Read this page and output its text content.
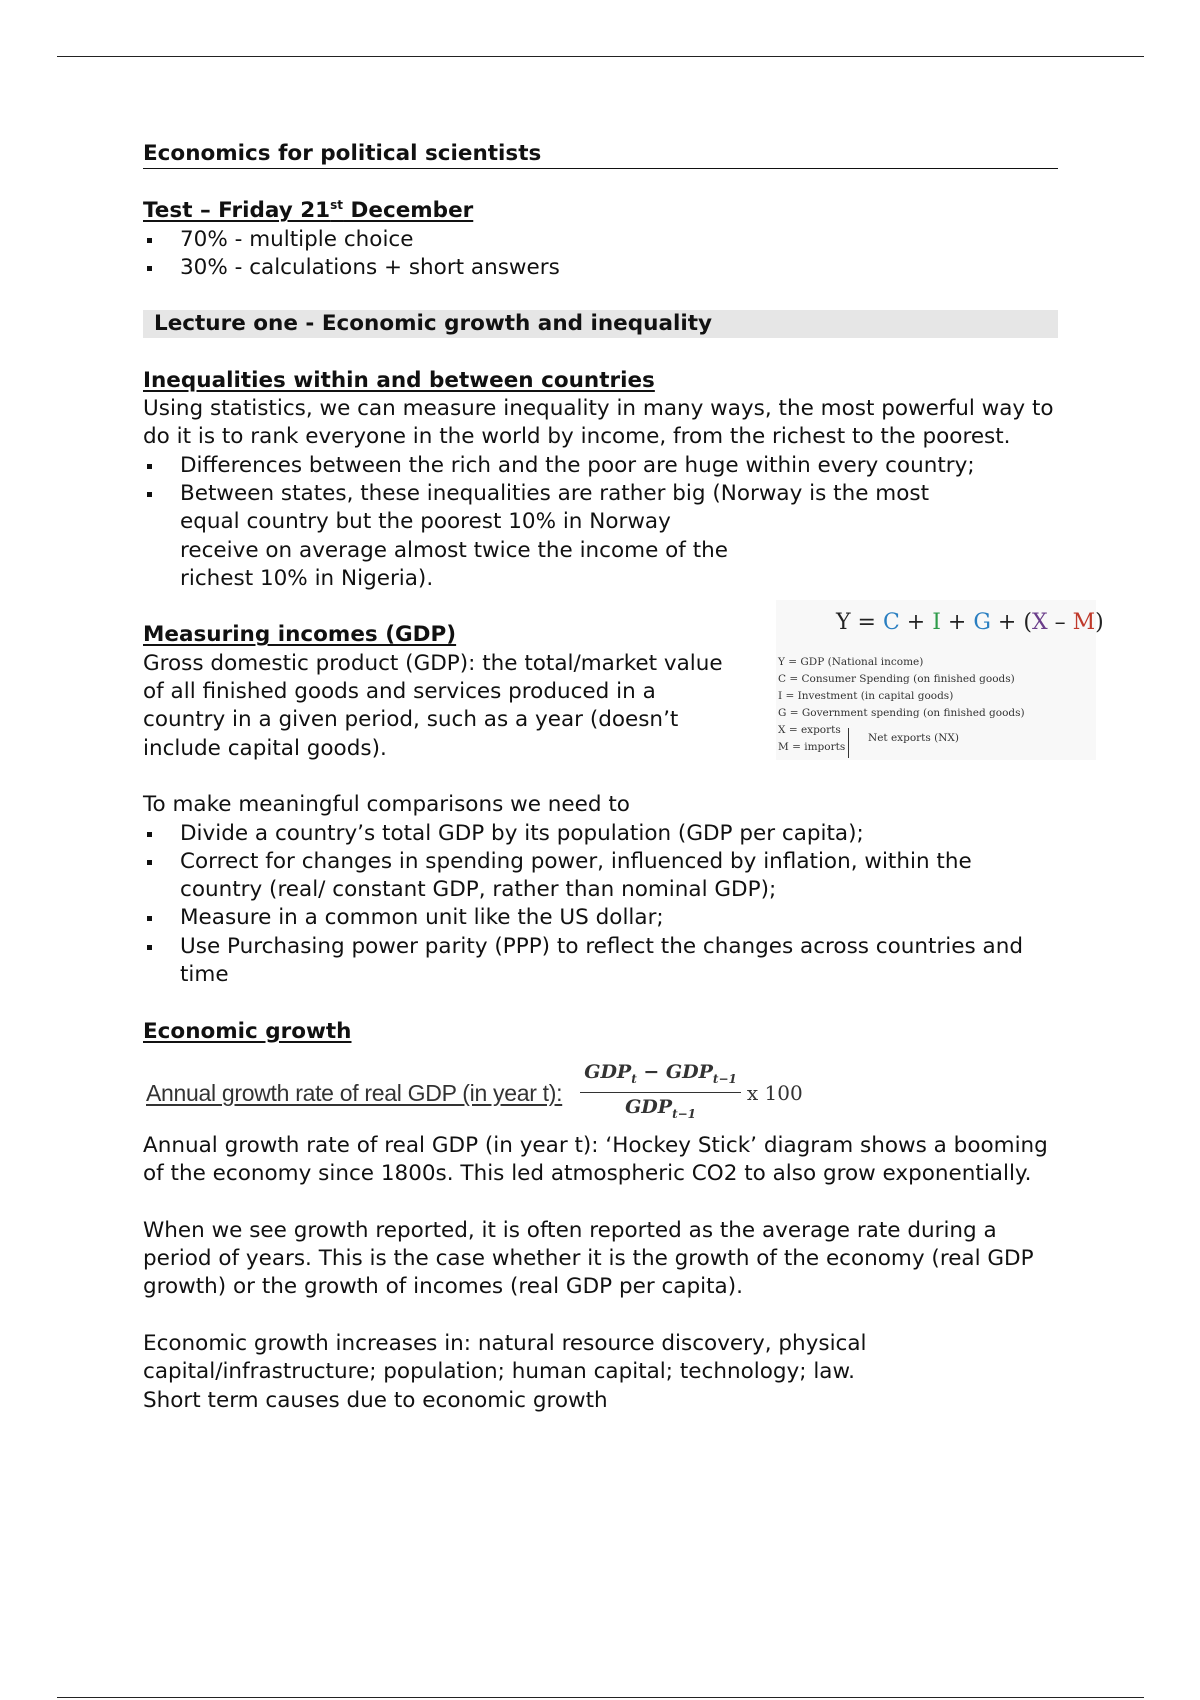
Economics for political scientists

Test – Friday 21st December

70% - multiple choice
30% - calculations + short answers
Lecture one - Economic growth and inequality

Inequalities within and between countries

Using statistics, we can measure inequality in many ways, the most powerful way to do it is to rank everyone in the world by income, from the richest to the poorest.

Differences between the rich and the poor are huge within every country;
Between states, these inequalities are rather big (Norway is the most
equal country but the poorest 10% in Norway receive on average almost twice the income of the richest 10% in Nigeria).

Measuring incomes (GDP)

Gross domestic product (GDP): the total/market value of all finished goods and services produced in a country in a given period, such as a year (doesn’t include capital goods).

To make meaningful comparisons we need to

Divide a country’s total GDP by its population (GDP per capita);
Correct for changes in spending power, influenced by inflation, within the country (real/ constant GDP, rather than nominal GDP);
Measure in a common unit like the US dollar;
Use Purchasing power parity (PPP) to reflect the changes across countries and time

Economic growth

Annual growth rate of real GDP (in year t): $\frac{GDP_t - GDP_{t-1}}{GDP_{t-1}}$ x 100

Annual growth rate of real GDP (in year t): ‘Hockey Stick’ diagram shows a booming of the economy since 1800s. This led atmospheric CO2 to also grow exponentially.

When we see growth reported, it is often reported as the average rate during a period of years. This is the case whether it is the growth of the economy (real GDP growth) or the growth of incomes (real GDP per capita).

Economic growth increases in: natural resource discovery, physical capital/infrastructure; population; human capital; technology; law.

Short term causes due to economic growth

Y = C + I + G + (X – M)
Y = GDP (National income)
C = Consumer Spending (on finished goods)
I = Investment (in capital goods)
G = Government spending (on finished goods)
X = exports
M = imports
Net exports (NX)
